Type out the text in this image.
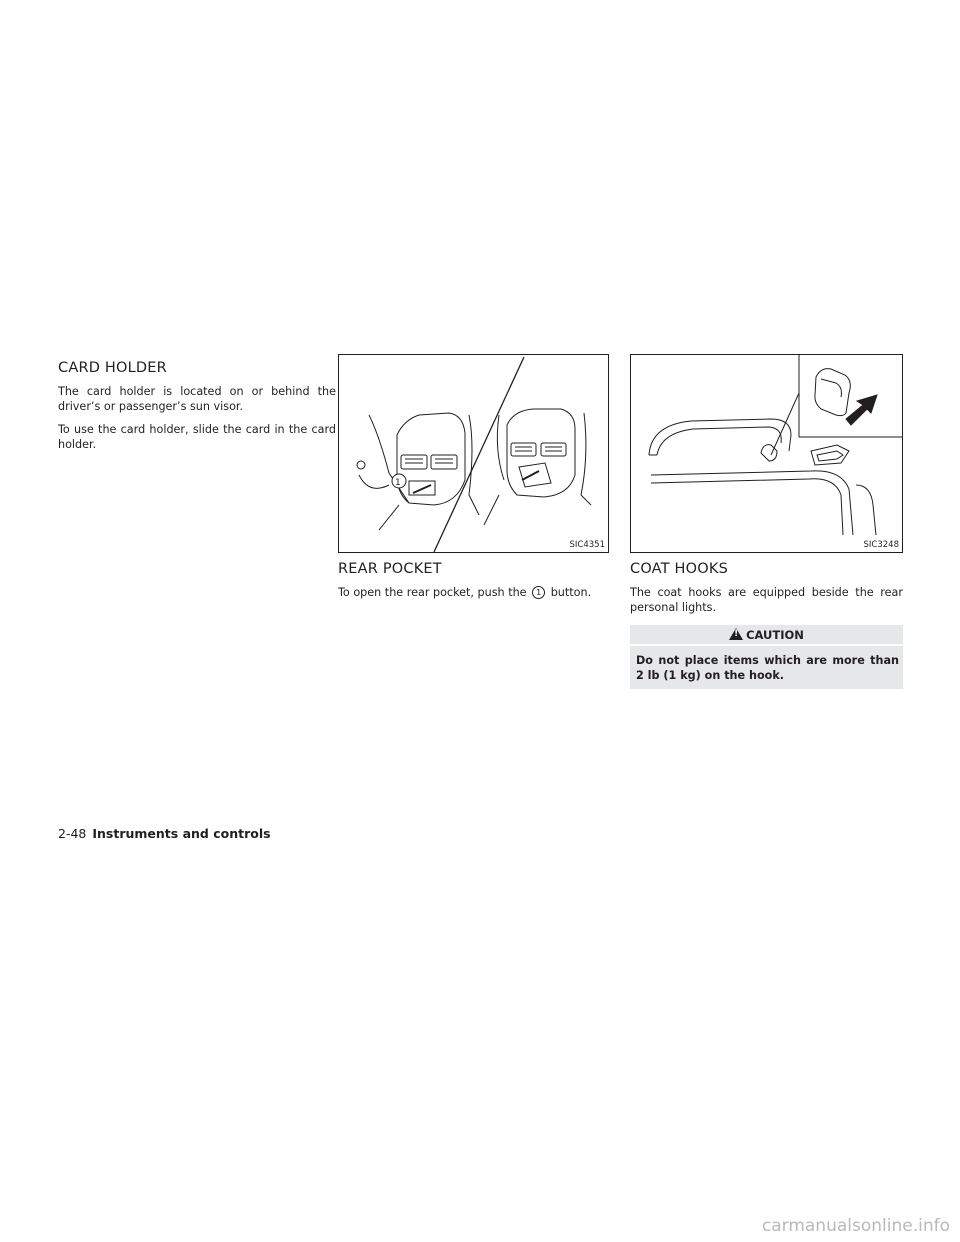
CARD HOLDER

The card holder is located on or behind the driver’s or passenger’s sun visor.

To use the card holder, slide the card in the card holder.

1
SIC4351
REAR POCKET

To open the rear pocket, push the 1 button.

SIC3248
COAT HOOKS

The coat hooks are equipped beside the rear personal lights.

!CAUTION
Do not place items which are more than 2 lb (1 kg) on the hook.
2-48 Instruments and controls
carmanualsonline.info
